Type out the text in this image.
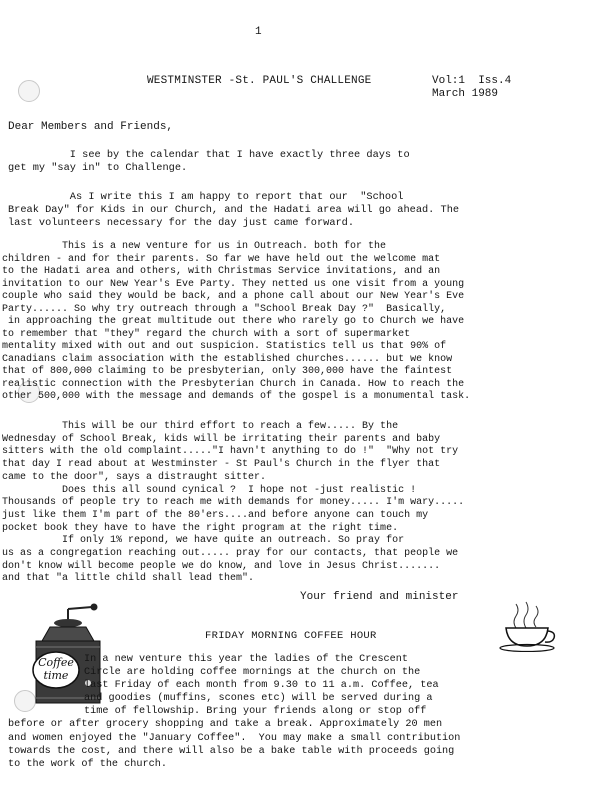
1
WESTMINSTER -St. PAUL'S CHALLENGE	Vol:1  Iss.4
March 1989
Dear Members and Friends,
I see by the calendar that I have exactly three days to
get my "say in" to Challenge.
As I write this I am happy to report that our  "School
Break Day" for Kids in our Church, and the Hadati area will go ahead. The
last volunteers necessary for the day just came forward.
This is a new venture for us in Outreach. both for the
children - and for their parents. So far we have held out the welcome mat
to the Hadati area and others, with Christmas Service invitations, and an
invitation to our New Year's Eve Party. They netted us one visit from a young
couple who said they would be back, and a phone call about our New Year's Eve
Party...... So why try outreach through a "School Break Day ?"  Basically,
in approaching the great multitude out there who rarely go to Church we have
to remember that "they" regard the church with a sort of supermarket
mentality mixed with out and out suspicion. Statistics tell us that 90% of
Canadians claim association with the established churches...... but we know
that of 800,000 claiming to be presbyterian, only 300,000 have the faintest
realistic connection with the Presbyterian Church in Canada. How to reach the
other 500,000 with the message and demands of the gospel is a monumental task.
This will be our third effort to reach a few..... By the
Wednesday of School Break, kids will be irritating their parents and baby
sitters with the old complaint....."I havn't anything to do !"  "Why not try
that day I read about at Westminster - St Paul's Church in the flyer that
came to the door", says a distraught sitter.
Does this all sound cynical ?  I hope not -just realistic !
Thousands of people try to reach me with demands for money..... I'm wary.....
just like them I'm part of the 80'ers....and before anyone can touch my
pocket book they have to have the right program at the right time.
If only 1% repond, we have quite an outreach. So pray for
us as a congregation reaching out..... pray for our contacts, that people we
don't know will become people we do know, and love in Jesus Christ.......
and that "a little child shall lead them".
Your friend and minister
Coffee
time
FRIDAY MORNING COFFEE HOUR
In a new venture this year the ladies of the Crescent
Circle are holding coffee mornings at the church on the
last Friday of each month from 9.30 to 11 a.m. Coffee, tea
and goodies (muffins, scones etc) will be served during a
time of fellowship. Bring your friends along or stop off
before or after grocery shopping and take a break. Approximately 20 men
and women enjoyed the "January Coffee".  You may make a small contribution
towards the cost, and there will also be a bake table with proceeds going
to the work of the church.
